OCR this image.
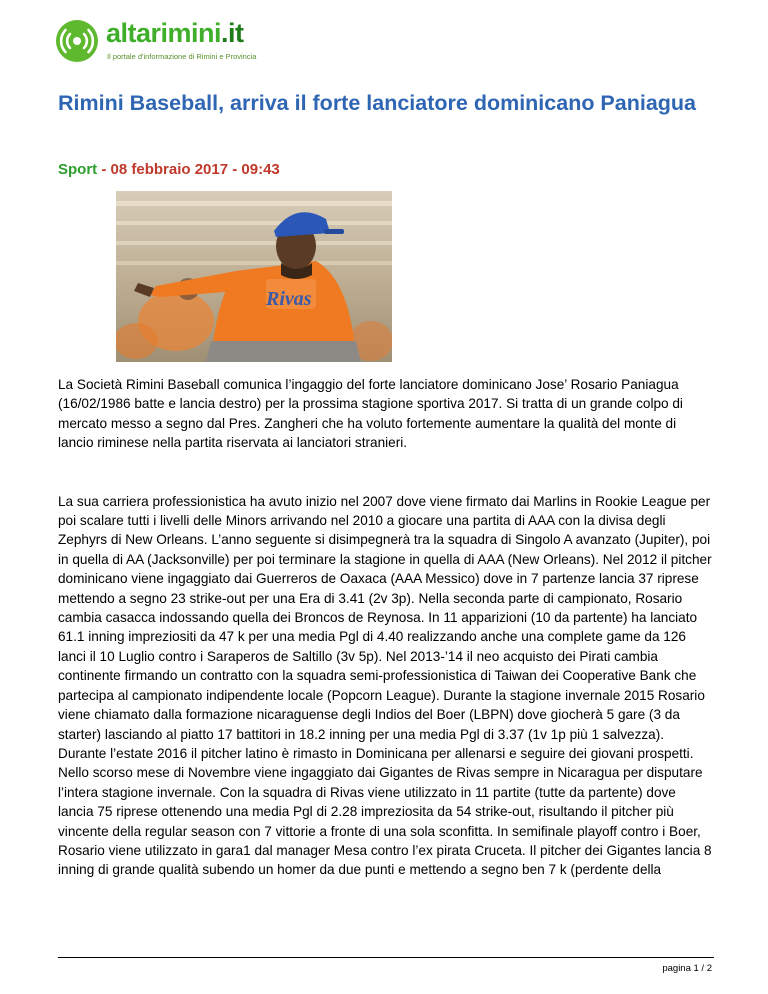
altarimini.it
Il portale d'informazione di Rimini e Provincia
Rimini Baseball, arriva il forte lanciatore dominicano Paniagua
Sport - 08 febbraio 2017 - 09:43
Rivas

La Società Rimini Baseball comunica l’ingaggio del forte lanciatore dominicano Jose’ Rosario Paniagua (16/02/1986 batte e lancia destro) per la prossima stagione sportiva 2017. Si tratta di un grande colpo di mercato messo a segno dal Pres. Zangheri che ha voluto fortemente aumentare la qualità del monte di lancio riminese nella partita riservata ai lanciatori stranieri.

La sua carriera professionistica ha avuto inizio nel 2007 dove viene firmato dai Marlins in Rookie League per poi scalare tutti i livelli delle Minors arrivando nel 2010 a giocare una partita di AAA con la divisa degli Zephyrs di New Orleans. L’anno seguente si disimpegnerà tra la squadra di Singolo A avanzato (Jupiter), poi in quella di AA (Jacksonville) per poi terminare la stagione in quella di AAA (New Orleans). Nel 2012 il pitcher dominicano viene ingaggiato dai Guerreros de Oaxaca (AAA Messico) dove in 7 partenze lancia 37 riprese mettendo a segno 23 strike-out per una Era di 3.41 (2v 3p). Nella seconda parte di campionato, Rosario cambia casacca indossando quella dei Broncos de Reynosa. In 11 apparizioni (10 da partente) ha lanciato 61.1 inning impreziositi da 47 k per una media Pgl di 4.40 realizzando anche una complete game da 126 lanci il 10 Luglio contro i Saraperos de Saltillo (3v 5p). Nel 2013-’14 il neo acquisto dei Pirati cambia continente firmando un contratto con la squadra semi-professionistica di Taiwan dei Cooperative Bank che partecipa al campionato indipendente locale (Popcorn League). Durante la stagione invernale 2015 Rosario viene chiamato dalla formazione nicaraguense degli Indios del Boer (LBPN) dove giocherà 5 gare (3 da starter) lasciando al piatto 17 battitori in 18.2 inning per una media Pgl di 3.37 (1v 1p più 1 salvezza). Durante l’estate 2016 il pitcher latino è rimasto in Dominicana per allenarsi e seguire dei giovani prospetti. Nello scorso mese di Novembre viene ingaggiato dai Gigantes de Rivas sempre in Nicaragua per disputare l’intera stagione invernale. Con la squadra di Rivas viene utilizzato in 11 partite (tutte da partente) dove lancia 75 riprese ottenendo una media Pgl di 2.28 impreziosita da 54 strike-out, risultando il pitcher più vincente della regular season con 7 vittorie a fronte di una sola sconfitta. In semifinale playoff contro i Boer, Rosario viene utilizzato in gara1 dal manager Mesa contro l’ex pirata Cruceta. Il pitcher dei Gigantes lancia 8 inning di grande qualità subendo un homer da due punti e mettendo a segno ben 7 k (perdente della

pagina 1 / 2
